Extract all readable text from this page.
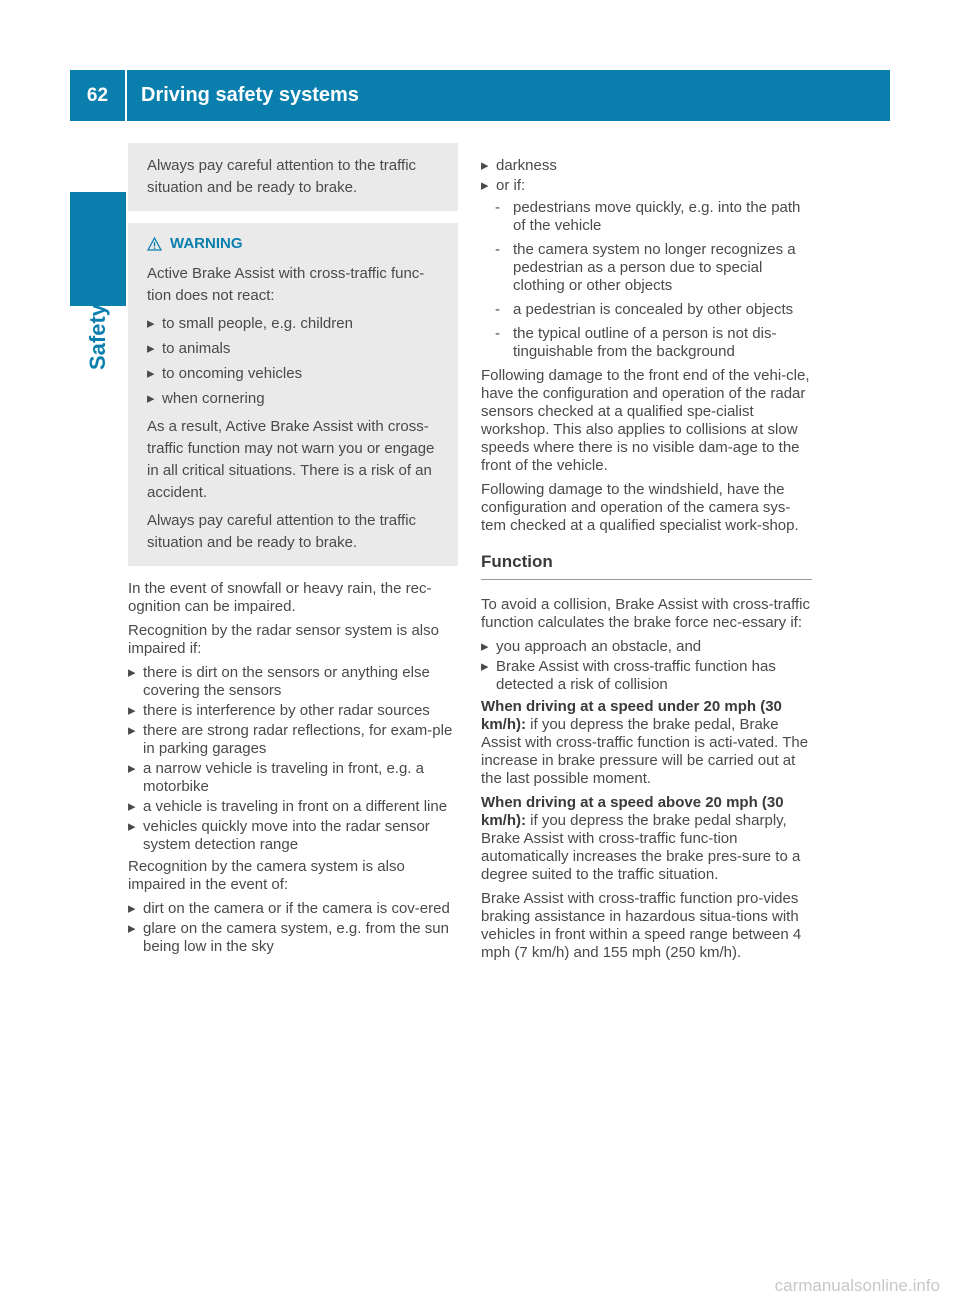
62	Driving safety systems
Safety

Always pay careful attention to the traffic situation and be ready to brake.

WARNING

Active Brake Assist with cross-traffic func-tion does not react:

▸ to small people, e.g. children
▸ to animals
▸ to oncoming vehicles
▸ when cornering

As a result, Active Brake Assist with cross-traffic function may not warn you or engage in all critical situations. There is a risk of an accident.

Always pay careful attention to the traffic situation and be ready to brake.

In the event of snowfall or heavy rain, the rec-ognition can be impaired.

Recognition by the radar sensor system is also impaired if:

▸ there is dirt on the sensors or anything else covering the sensors
▸ there is interference by other radar sources
▸ there are strong radar reflections, for exam-ple in parking garages
▸ a narrow vehicle is traveling in front, e.g. a motorbike
▸ a vehicle is traveling in front on a different line
▸ vehicles quickly move into the radar sensor system detection range

Recognition by the camera system is also impaired in the event of:

▸ dirt on the camera or if the camera is cov-ered
▸ glare on the camera system, e.g. from the sun being low in the sky
▸ darkness
▸ or if:
- pedestrians move quickly, e.g. into the path of the vehicle
- the camera system no longer recognizes a pedestrian as a person due to special clothing or other objects
- a pedestrian is concealed by other objects
- the typical outline of a person is not dis-tinguishable from the background

Following damage to the front end of the vehi-cle, have the configuration and operation of the radar sensors checked at a qualified spe-cialist workshop. This also applies to collisions at slow speeds where there is no visible dam-age to the front of the vehicle.

Following damage to the windshield, have the configuration and operation of the camera sys-tem checked at a qualified specialist work-shop.

Function

To avoid a collision, Brake Assist with cross-traffic function calculates the brake force nec-essary if:

▸ you approach an obstacle, and
▸ Brake Assist with cross-traffic function has detected a risk of collision

When driving at a speed under 20 mph (30 km/h): if you depress the brake pedal, Brake Assist with cross-traffic function is acti-vated. The increase in brake pressure will be carried out at the last possible moment.

When driving at a speed above 20 mph (30 km/h): if you depress the brake pedal sharply, Brake Assist with cross-traffic func-tion automatically increases the brake pres-sure to a degree suited to the traffic situation.

Brake Assist with cross-traffic function pro-vides braking assistance in hazardous situa-tions with vehicles in front within a speed range between 4 mph (7 km/h) and 155 mph (250 km/h).

carmanualsonline.info
